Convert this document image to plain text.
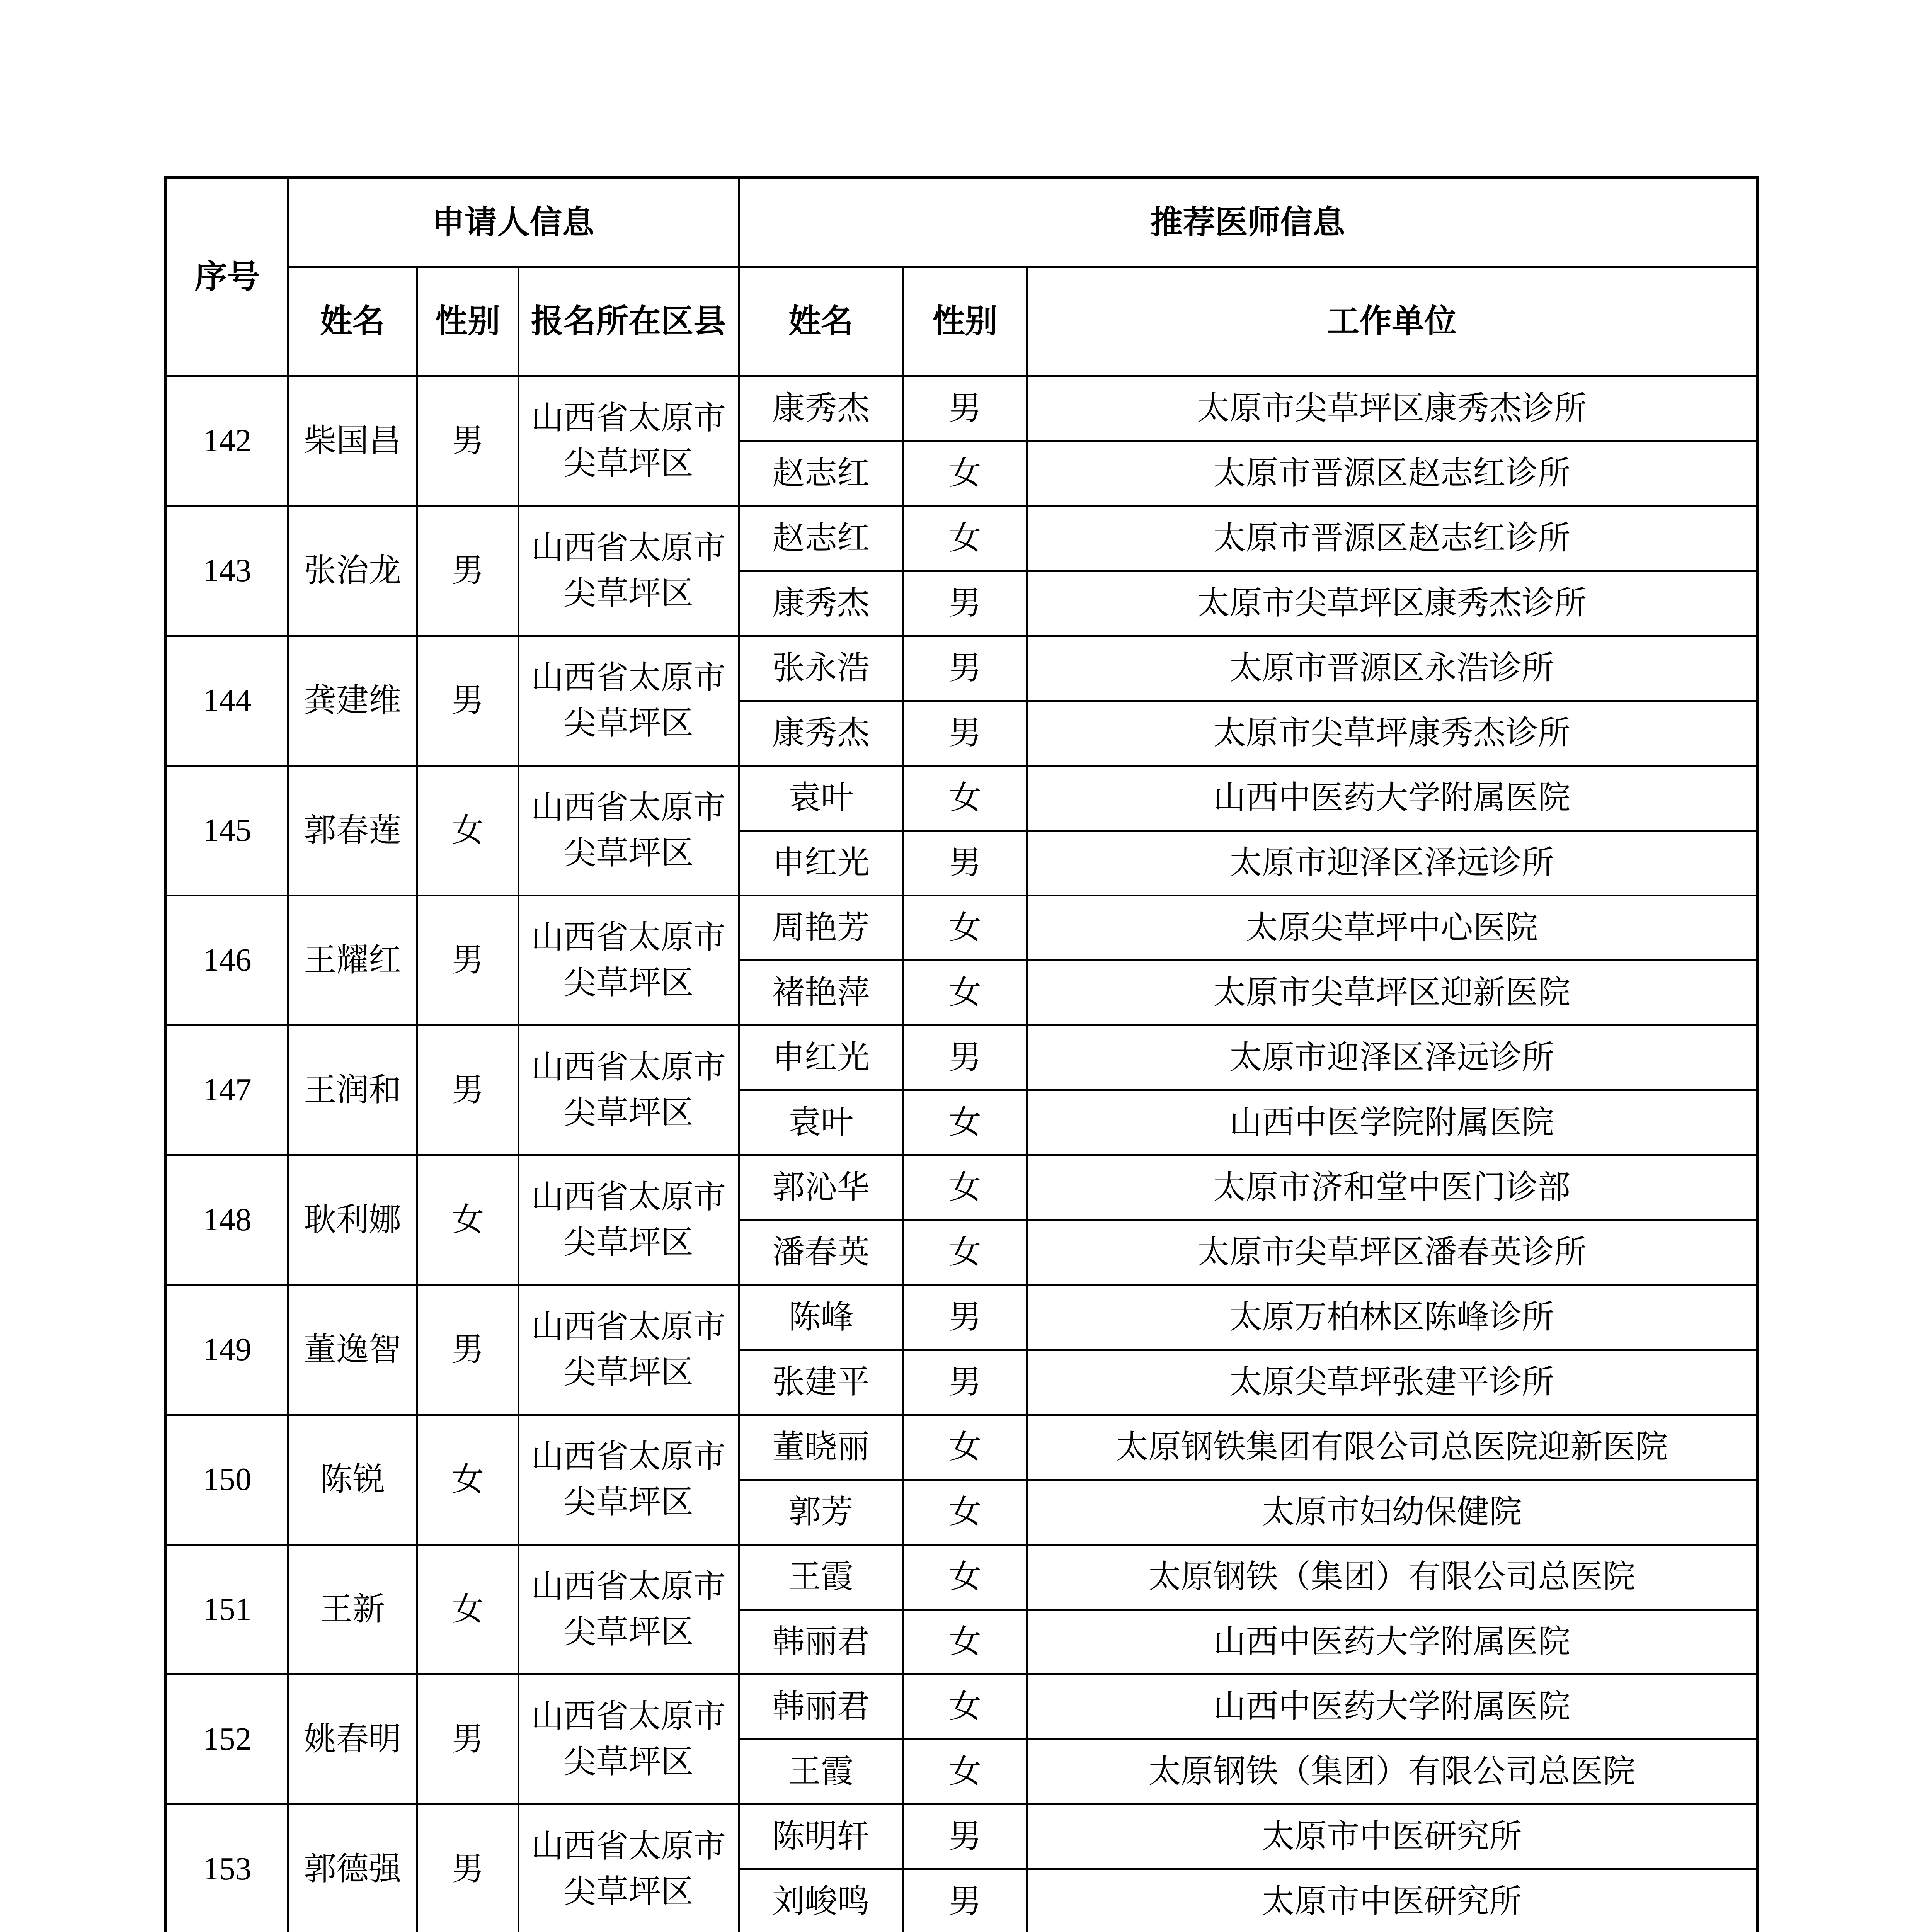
序号	申请人信息			推荐医师信息		
	姓名	性别	报名所在区县	姓名	性别	工作单位
142	柴国昌	男	山西省太原市尖草坪区	康秀杰	男	太原市尖草坪区康秀杰诊所
				赵志红	女	太原市晋源区赵志红诊所
143	张治龙	男	山西省太原市尖草坪区	赵志红	女	太原市晋源区赵志红诊所
				康秀杰	男	太原市尖草坪区康秀杰诊所
144	龚建维	男	山西省太原市尖草坪区	张永浩	男	太原市晋源区永浩诊所
				康秀杰	男	太原市尖草坪康秀杰诊所
145	郭春莲	女	山西省太原市尖草坪区	袁叶	女	山西中医药大学附属医院
				申红光	男	太原市迎泽区泽远诊所
146	王耀红	男	山西省太原市尖草坪区	周艳芳	女	太原尖草坪中心医院
				褚艳萍	女	太原市尖草坪区迎新医院
147	王润和	男	山西省太原市尖草坪区	申红光	男	太原市迎泽区泽远诊所
				袁叶	女	山西中医学院附属医院
148	耿利娜	女	山西省太原市尖草坪区	郭沁华	女	太原市济和堂中医门诊部
				潘春英	女	太原市尖草坪区潘春英诊所
149	董逸智	男	山西省太原市尖草坪区	陈峰	男	太原万柏林区陈峰诊所
				张建平	男	太原尖草坪张建平诊所
150	陈锐	女	山西省太原市尖草坪区	董晓丽	女	太原钢铁集团有限公司总医院迎新医院
				郭芳	女	太原市妇幼保健院
151	王新	女	山西省太原市尖草坪区	王霞	女	太原钢铁（集团）有限公司总医院
				韩丽君	女	山西中医药大学附属医院
152	姚春明	男	山西省太原市尖草坪区	韩丽君	女	山西中医药大学附属医院
				王霞	女	太原钢铁（集团）有限公司总医院
153	郭德强	男	山西省太原市尖草坪区	陈明轩	男	太原市中医研究所
				刘峻鸣	男	太原市中医研究所
